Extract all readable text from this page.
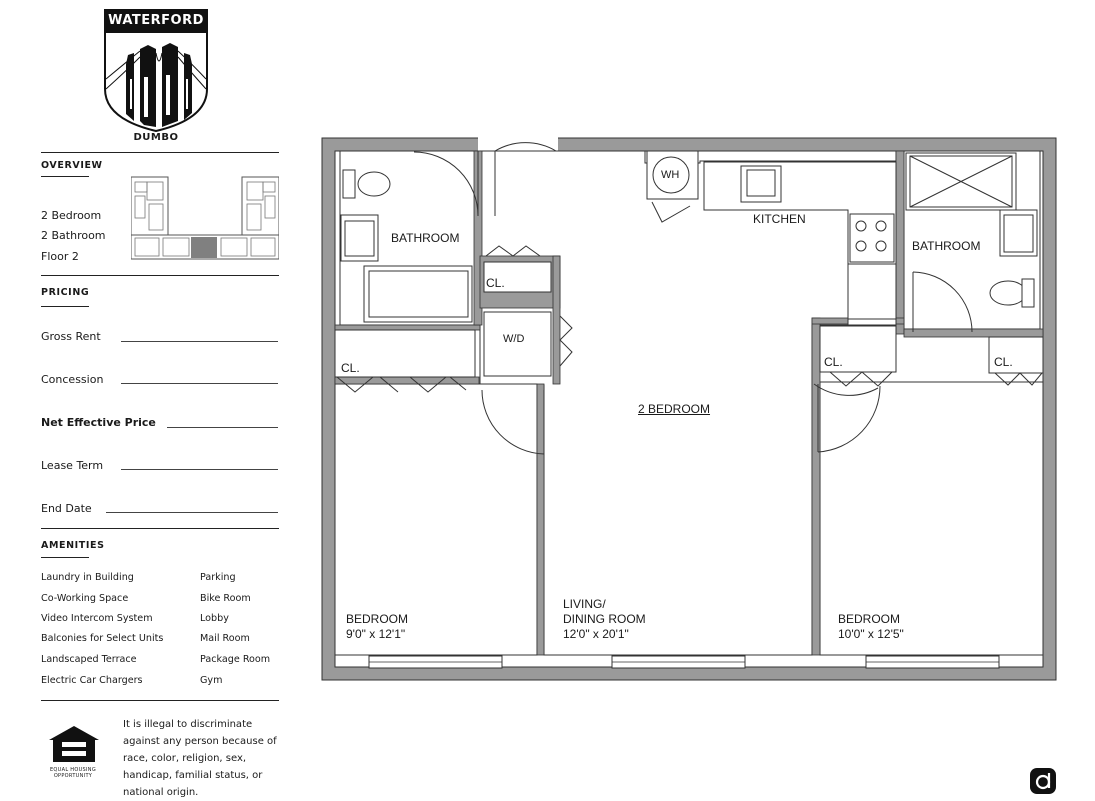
WATERFORD
DUMBO
OVERVIEW
2 Bedroom
2 Bathroom
Floor 2
PRICING
Gross Rent
Concession
Net Effective Price
Lease Term
End Date
AMENITIES
Laundry in Building
Co-Working Space
Video Intercom System
Balconies for Select Units
Landscaped Terrace
Electric Car Chargers
Parking
Bike Room
Lobby
Mail Room
Package Room
Gym
EQUAL HOUSING
OPPORTUNITY
It is illegal to discriminate against any person because of race, color, religion, sex, handicap, familial status, or national origin.
2 BEDROOM
BATHROOM
BATHROOM
KITCHEN
WH
W/D
CL.
CL.	CL.	CL.
BEDROOM
9'0" x 12'1"
LIVING/
DINING ROOM
12'0" x 20'1"
BEDROOM
10'0" x 12'5"
